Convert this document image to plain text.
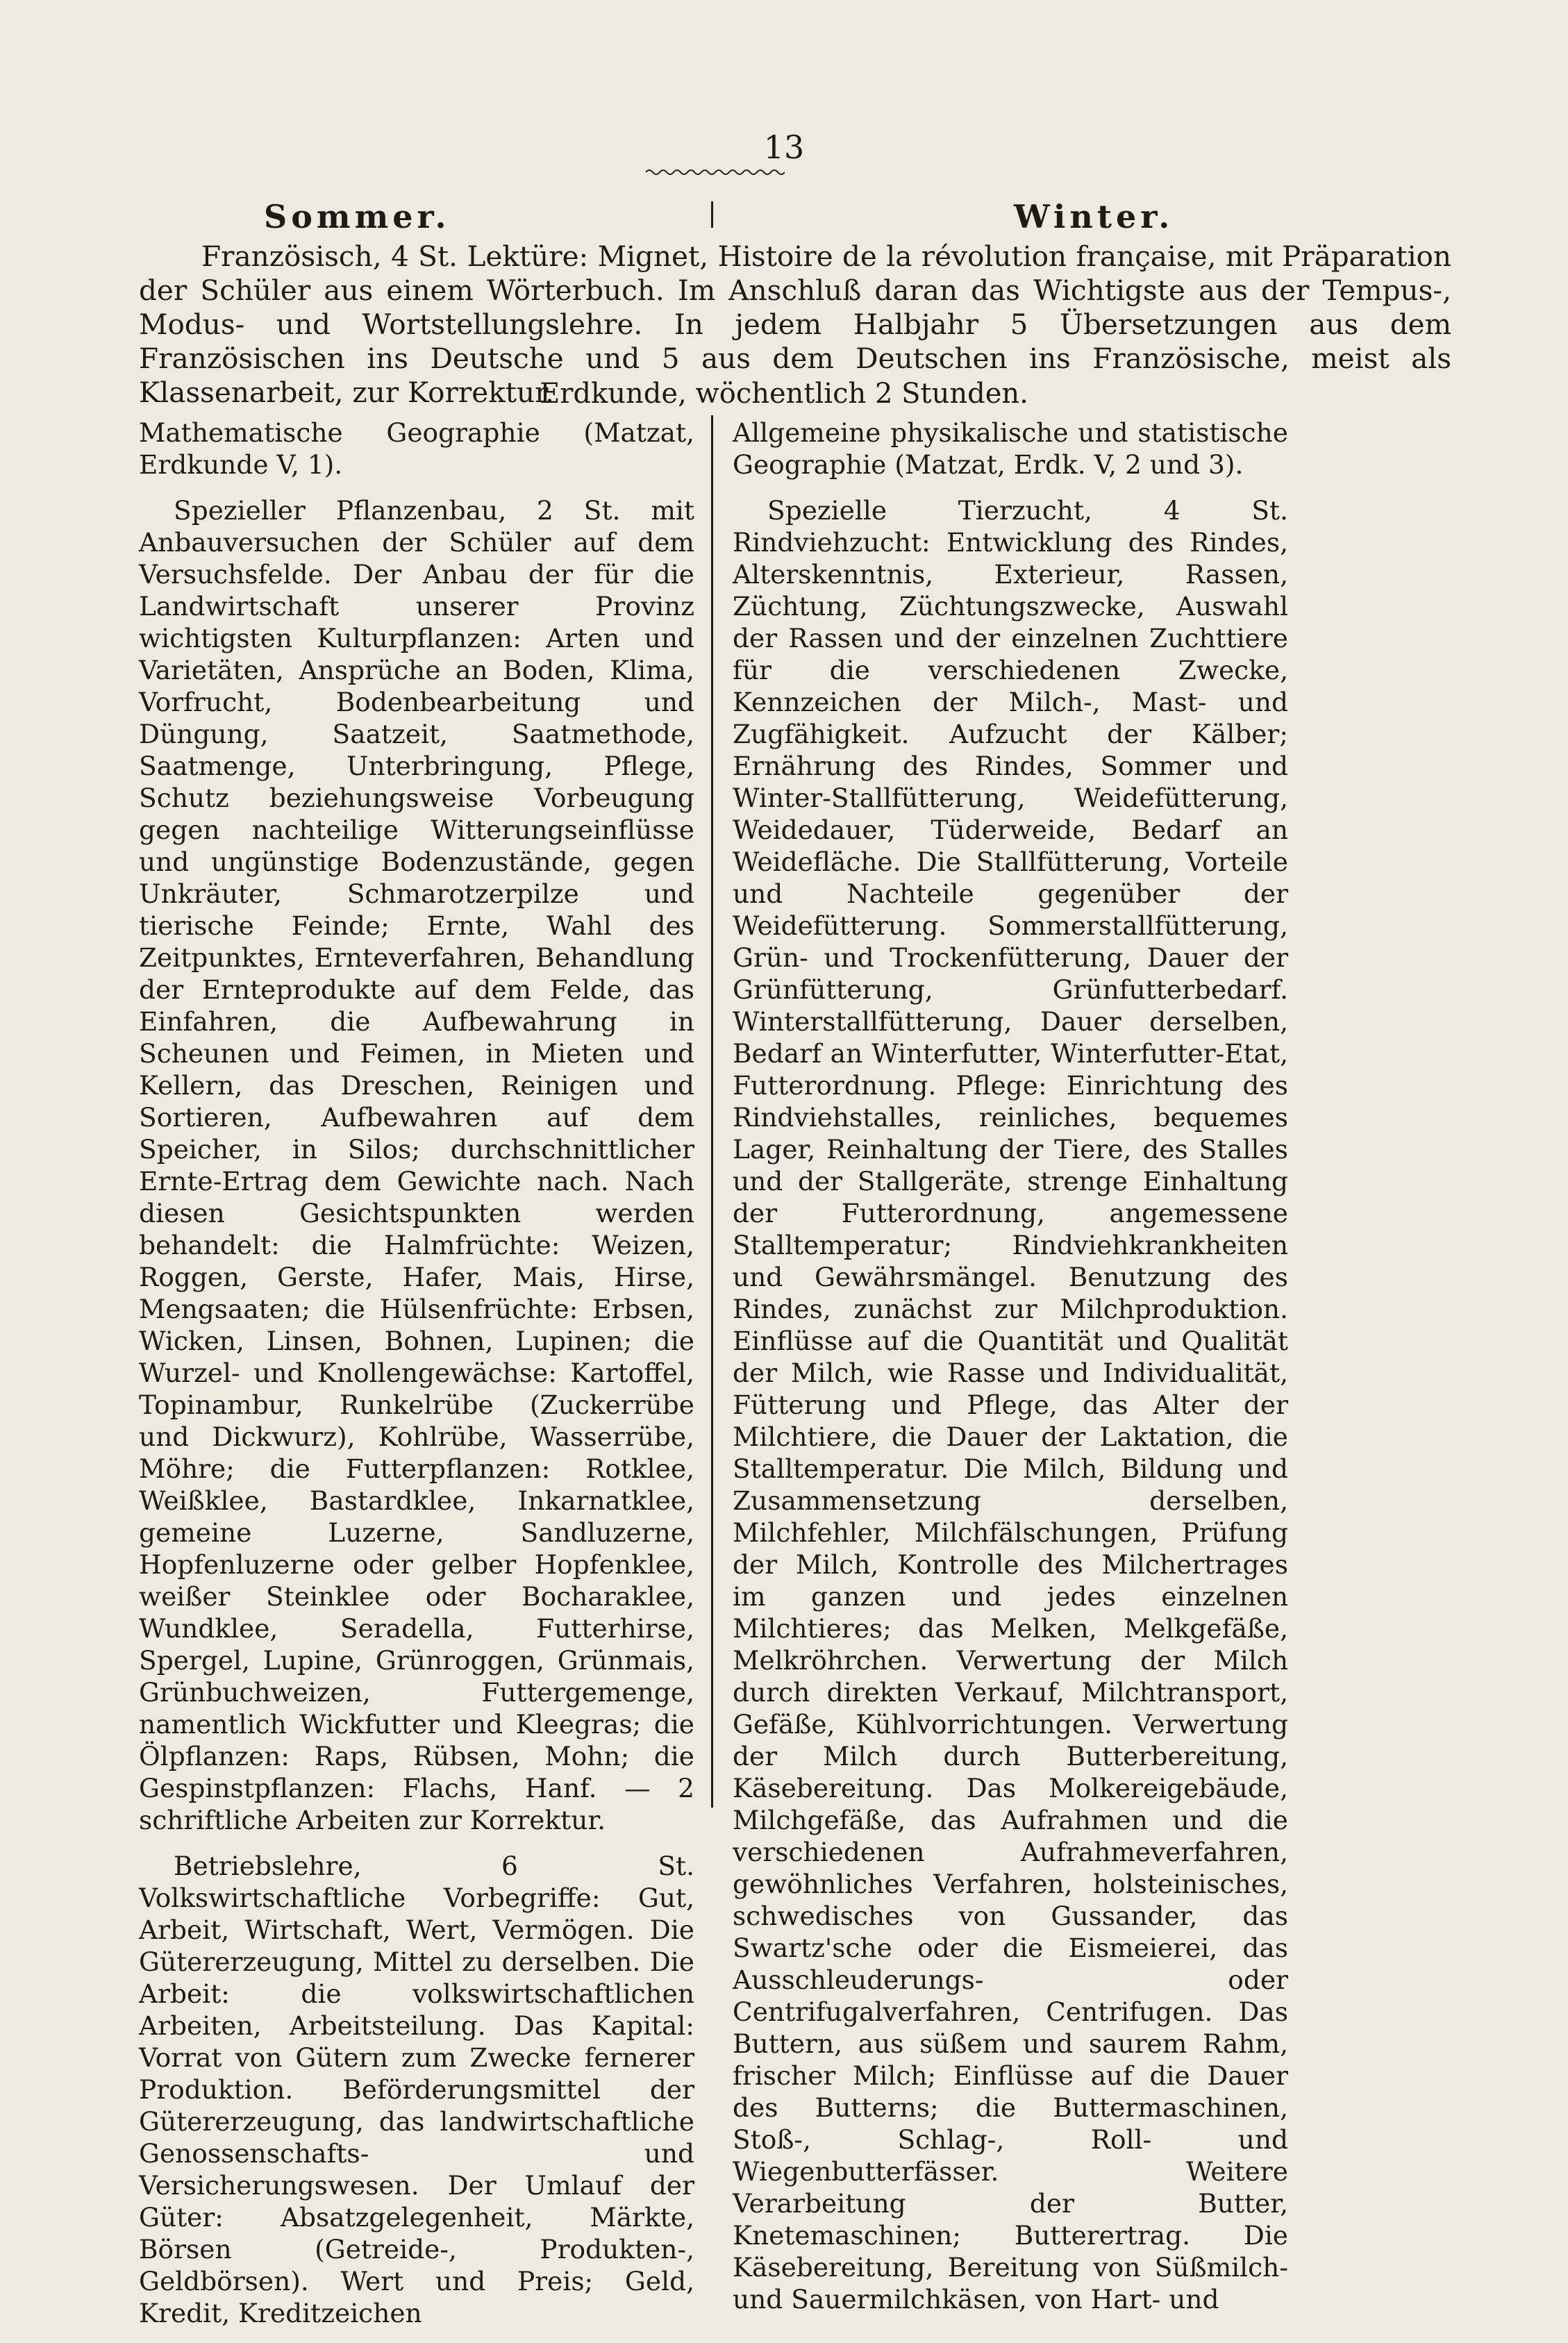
13
Sommer.	Winter.

Französisch, 4 St. Lektüre: Mignet, Histoire de la révolution française, mit Präparation der Schüler aus einem Wörterbuch. Im Anschluß daran das Wichtigste aus der Tempus-, Modus- und Wortstellungslehre. In jedem Halbjahr 5 Übersetzungen aus dem Französischen ins Deutsche und 5 aus dem Deutschen ins Französische, meist als Klassenarbeit, zur Korrektur.

Erdkunde, wöchentlich 2 Stunden.

Mathematische Geographie (Matzat, Erdkunde V, 1).

Spezieller Pflanzenbau, 2 St. mit Anbauversuchen der Schüler auf dem Versuchsfelde. Der Anbau der für die Landwirtschaft unserer Provinz wichtigsten Kulturpflanzen: Arten und Varietäten, Ansprüche an Boden, Klima, Vorfrucht, Bodenbearbeitung und Düngung, Saatzeit, Saatmethode, Saatmenge, Unterbringung, Pflege, Schutz beziehungsweise Vorbeugung gegen nachteilige Witterungseinflüsse und ungünstige Bodenzustände, gegen Unkräuter, Schmarotzerpilze und tierische Feinde; Ernte, Wahl des Zeitpunktes, Ernteverfahren, Behandlung der Ernteprodukte auf dem Felde, das Einfahren, die Aufbewahrung in Scheunen und Feimen, in Mieten und Kellern, das Dreschen, Reinigen und Sortieren, Aufbewahren auf dem Speicher, in Silos; durchschnittlicher Ernte-Ertrag dem Gewichte nach. Nach diesen Gesichtspunkten werden behandelt: die Halmfrüchte: Weizen, Roggen, Gerste, Hafer, Mais, Hirse, Mengsaaten; die Hülsenfrüchte: Erbsen, Wicken, Linsen, Bohnen, Lupinen; die Wurzel- und Knollengewächse: Kartoffel, Topinambur, Runkelrübe (Zuckerrübe und Dickwurz), Kohlrübe, Wasserrübe, Möhre; die Futterpflanzen: Rotklee, Weißklee, Bastardklee, Inkarnatklee, gemeine Luzerne, Sandluzerne, Hopfenluzerne oder gelber Hopfenklee, weißer Steinklee oder Bocharaklee, Wundklee, Seradella, Futterhirse, Spergel, Lupine, Grünroggen, Grünmais, Grünbuchweizen, Futtergemenge, namentlich Wickfutter und Kleegras; die Ölpflanzen: Raps, Rübsen, Mohn; die Gespinstpflanzen: Flachs, Hanf. — 2 schriftliche Arbeiten zur Korrektur.

Betriebslehre, 6 St. Volkswirtschaftliche Vorbegriffe: Gut, Arbeit, Wirtschaft, Wert, Vermögen. Die Gütererzeugung, Mittel zu derselben. Die Arbeit: die volkswirtschaftlichen Arbeiten, Arbeitsteilung. Das Kapital: Vorrat von Gütern zum Zwecke fernerer Produktion. Beförderungsmittel der Gütererzeugung, das landwirtschaftliche Genossenschafts- und Versicherungswesen. Der Umlauf der Güter: Absatzgelegenheit, Märkte, Börsen (Getreide-, Produkten-, Geldbörsen). Wert und Preis; Geld, Kredit, Kreditzeichen

Allgemeine physikalische und statistische Geographie (Matzat, Erdk. V, 2 und 3).

Spezielle Tierzucht, 4 St. Rindviehzucht: Entwicklung des Rindes, Alterskenntnis, Exterieur, Rassen, Züchtung, Züchtungszwecke, Auswahl der Rassen und der einzelnen Zuchttiere für die verschiedenen Zwecke, Kennzeichen der Milch-, Mast- und Zugfähigkeit. Aufzucht der Kälber; Ernährung des Rindes, Sommer und Winter-Stallfütterung, Weidefütterung, Weidedauer, Tüderweide, Bedarf an Weidefläche. Die Stallfütterung, Vorteile und Nachteile gegenüber der Weidefütterung. Sommerstallfütterung, Grün- und Trockenfütterung, Dauer der Grünfütterung, Grünfutterbedarf. Winterstallfütterung, Dauer derselben, Bedarf an Winterfutter, Winterfutter-Etat, Futterordnung. Pflege: Einrichtung des Rindviehstalles, reinliches, bequemes Lager, Reinhaltung der Tiere, des Stalles und der Stallgeräte, strenge Einhaltung der Futterordnung, angemessene Stalltemperatur; Rindviehkrankheiten und Gewährsmängel. Benutzung des Rindes, zunächst zur Milchproduktion. Einflüsse auf die Quantität und Qualität der Milch, wie Rasse und Individualität, Fütterung und Pflege, das Alter der Milchtiere, die Dauer der Laktation, die Stalltemperatur. Die Milch, Bildung und Zusammensetzung derselben, Milchfehler, Milchfälschungen, Prüfung der Milch, Kontrolle des Milchertrages im ganzen und jedes einzelnen Milchtieres; das Melken, Melkgefäße, Melkröhrchen. Verwertung der Milch durch direkten Verkauf, Milchtransport, Gefäße, Kühlvorrichtungen. Verwertung der Milch durch Butterbereitung, Käsebereitung. Das Molkereigebäude, Milchgefäße, das Aufrahmen und die verschiedenen Aufrahmeverfahren, gewöhnliches Verfahren, holsteinisches, schwedisches von Gussander, das Swartz'sche oder die Eismeierei, das Ausschleuderungs- oder Centrifugalverfahren, Centrifugen. Das Buttern, aus süßem und saurem Rahm, frischer Milch; Einflüsse auf die Dauer des Butterns; die Buttermaschinen, Stoß-, Schlag-, Roll- und Wiegenbutterfässer. Weitere Verarbeitung der Butter, Knetemaschinen; Butterertrag. Die Käsebereitung, Bereitung von Süßmilch- und Sauermilchkäsen, von Hart- und
